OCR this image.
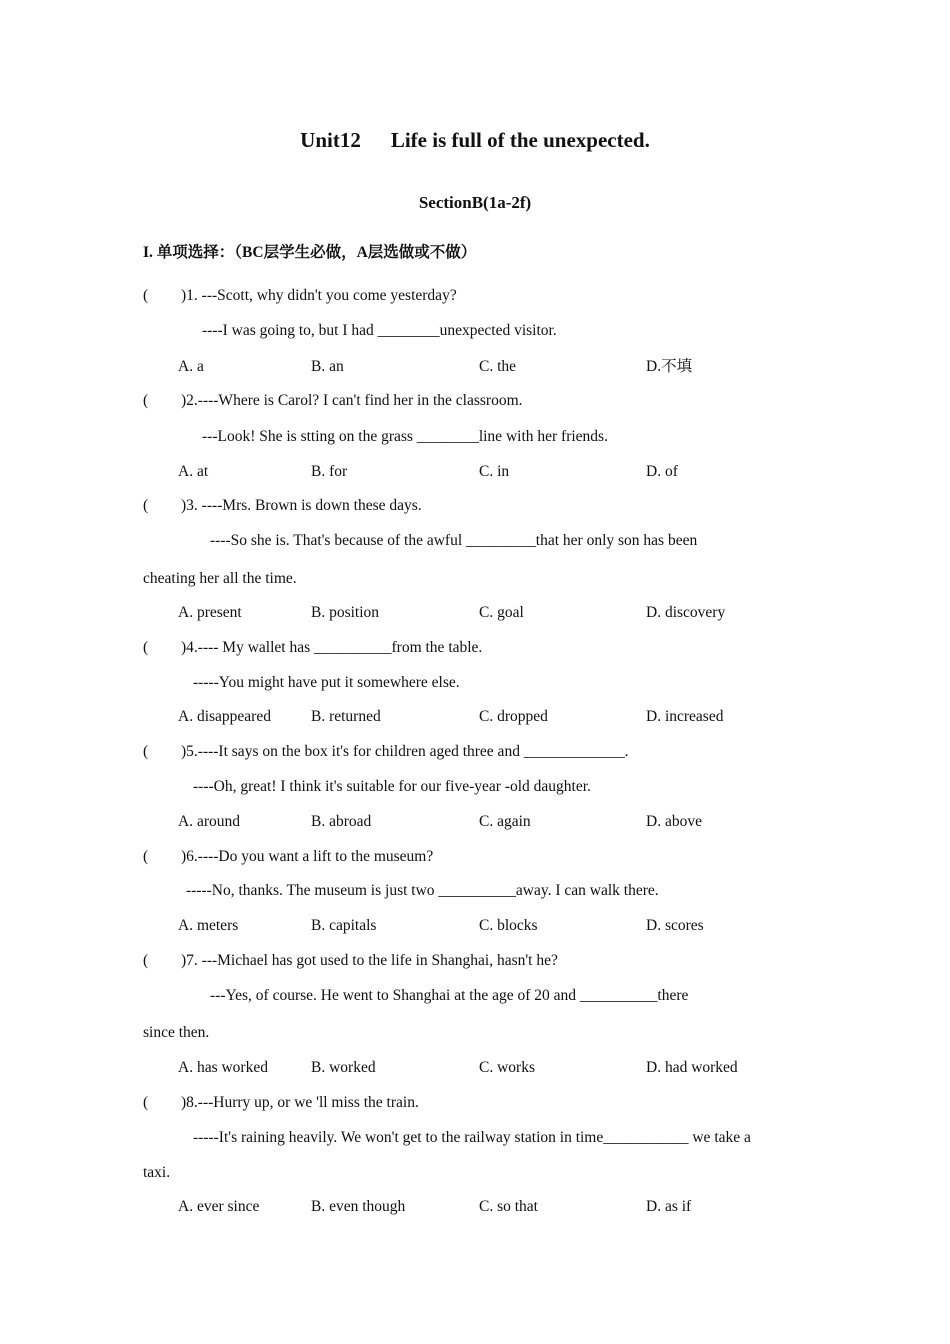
Unit12 Life is full of the unexpected.
SectionB(1a-2f)
I. 单项选择：（BC层学生必做，A层选做或不做）
( )1. ---Scott, why didn't you come yesterday?
----I was going to, but I had ________unexpected visitor.
A. a	B. an	C. the	D.不填
( )2.----Where is Carol? I can't find her in the classroom.
---Look! She is stting on the grass ________line with her friends.
A. at	B. for	C. in	D. of
( )3. ----Mrs. Brown is down these days.
----So she is. That's because of the awful _________that her only son has been
cheating her all the time.
A. present	B. position	C. goal	D. discovery
( )4.---- My wallet has __________from the table.
-----You might have put it somewhere else.
A. disappeared	B. returned	C. dropped	D. increased
( )5.----It says on the box it's for children aged three and _____________.
----Oh, great! I think it's suitable for our five-year -old daughter.
A. around	B. abroad	C. again	D. above
( )6.----Do you want a lift to the museum?
-----No, thanks. The museum is just two __________away. I can walk there.
A. meters	B. capitals	C. blocks	D. scores
( )7. ---Michael has got used to the life in Shanghai, hasn't he?
---Yes, of course. He went to Shanghai at the age of 20 and __________there
since then.
A. has worked	B. worked	C. works	D. had worked
( )8.---Hurry up, or we 'll miss the train.
-----It's raining heavily. We won't get to the railway station in time___________ we take a
taxi.
A. ever since	B. even though	C. so that	D. as if
